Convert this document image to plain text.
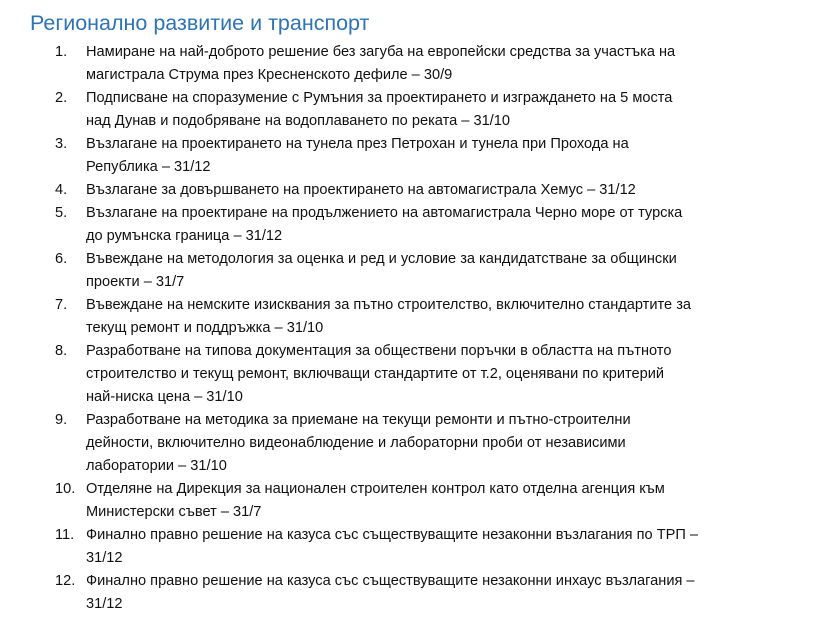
Регионално развитие и транспорт
1.	Намиране на най-доброто решение без загуба на европейски средства за участъка на
магистрала Струма през Кресненското дефиле – 30/9
2.	Подписване на споразумение с Румъния за проектирането и изграждането на 5 моста
над Дунав и подобряване на водоплаването по реката – 31/10
3.	Възлагане на проектирането на тунела през Петрохан и тунела при Прохода на
Република – 31/12
4.	Възлагане за довършването на проектирането на автомагистрала Хемус – 31/12
5.	Възлагане на проектиране на продължението на автомагистрала Черно море от турска
до румънска граница – 31/12
6.	Въвеждане на методология за оценка и ред и условие за кандидатстване за общински
проекти – 31/7
7.	Въвеждане на немските изисквания за пътно строителство, включително стандартите за
текущ ремонт и поддръжка – 31/10
8.	Разработване на типова документация за обществени поръчки в областта на пътното
строителство и текущ ремонт, включващи стандартите от т.2, оценявани по критерий
най-ниска цена – 31/10
9.	Разработване на методика за приемане на текущи ремонти и пътно-строителни
дейности, включително видеонаблюдение и лабораторни проби от независими
лаборатории – 31/10
10. Отделяне на Дирекция за национален строителен контрол като отделна агенция към
Министерски съвет – 31/7
11. Финално правно решение на казуса със съществуващите незаконни възлагания по ТРП –
31/12
12. Финално правно решение на казуса със съществуващите незаконни инхаус възлагания –
31/12
